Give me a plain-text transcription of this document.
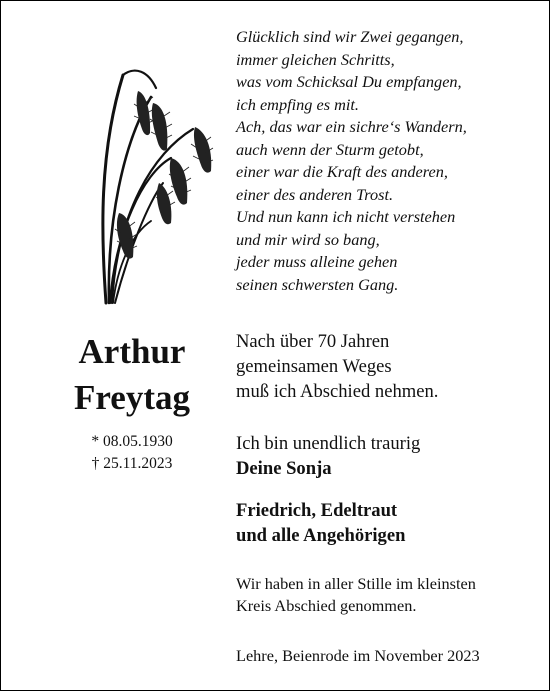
Glücklich sind wir Zwei gegangen,
immer gleichen Schritts,
was vom Schicksal Du empfangen,
ich empfing es mit.
Ach, das war ein sichre‘s Wandern,
auch wenn der Sturm getobt,
einer war die Kraft des anderen,
einer des anderen Trost.
Und nun kann ich nicht verstehen
und mir wird so bang,
jeder muss alleine gehen
seinen schwersten Gang.
Arthur
Freytag
* 08.05.1930
† 25.11.2023
Nach über 70 Jahren
gemeinsamen Weges
muß ich Abschied nehmen.
Ich bin unendlich traurig
Deine Sonja
Friedrich, Edeltraut
und alle Angehörigen
Wir haben in aller Stille im kleinsten
Kreis Abschied genommen.
Lehre, Beienrode im November 2023
